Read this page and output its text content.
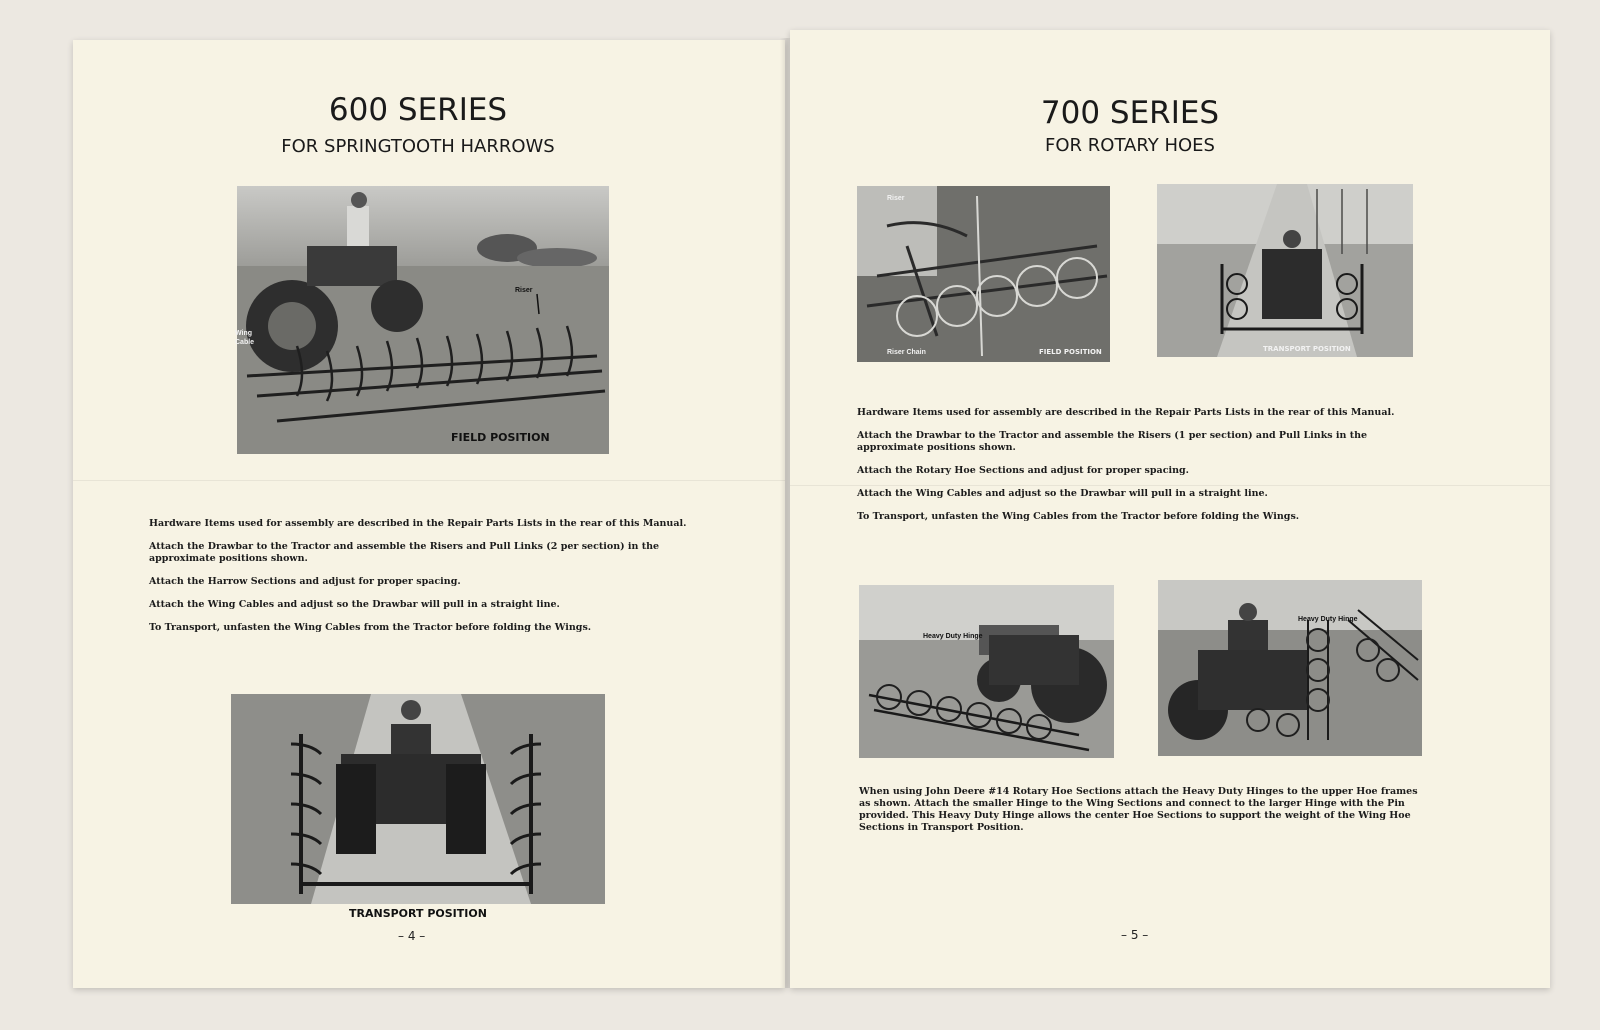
600 SERIES
FOR SPRINGTOOTH HARROWS
Riser
Wing
Cable
FIELD POSITION

Hardware Items used for assembly are described in the Repair Parts Lists in the rear of this Manual.

Attach the Drawbar to the Tractor and assemble the Risers and Pull Links (2 per section) in the approximate positions shown.

Attach the Harrow Sections and adjust for proper spacing.

Attach the Wing Cables and adjust so the Drawbar will pull in a straight line.

To Transport, unfasten the Wing Cables from the Tractor before folding the Wings.

TRANSPORT POSITION
– 4 –
700 SERIES
FOR ROTARY HOES
Riser
Riser Chain	FIELD POSITION	TRANSPORT POSITION

Hardware Items used for assembly are described in the Repair Parts Lists in the rear of this Manual.

Attach the Drawbar to the Tractor and assemble the Risers (1 per section) and Pull Links in the approximate positions shown.

Attach the Rotary Hoe Sections and adjust for proper spacing.

Attach the Wing Cables and adjust so the Drawbar will pull in a straight line.

To Transport, unfasten the Wing Cables from the Tractor before folding the Wings.

Heavy Duty Hinge
Heavy Duty Hinge

When using John Deere #14 Rotary Hoe Sections attach the Heavy Duty Hinges to the upper Hoe frames as shown. Attach the smaller Hinge to the Wing Sections and connect to the larger Hinge with the Pin provided. This Heavy Duty Hinge allows the center Hoe Sections to support the weight of the Wing Hoe Sections in Transport Position.

– 5 –
